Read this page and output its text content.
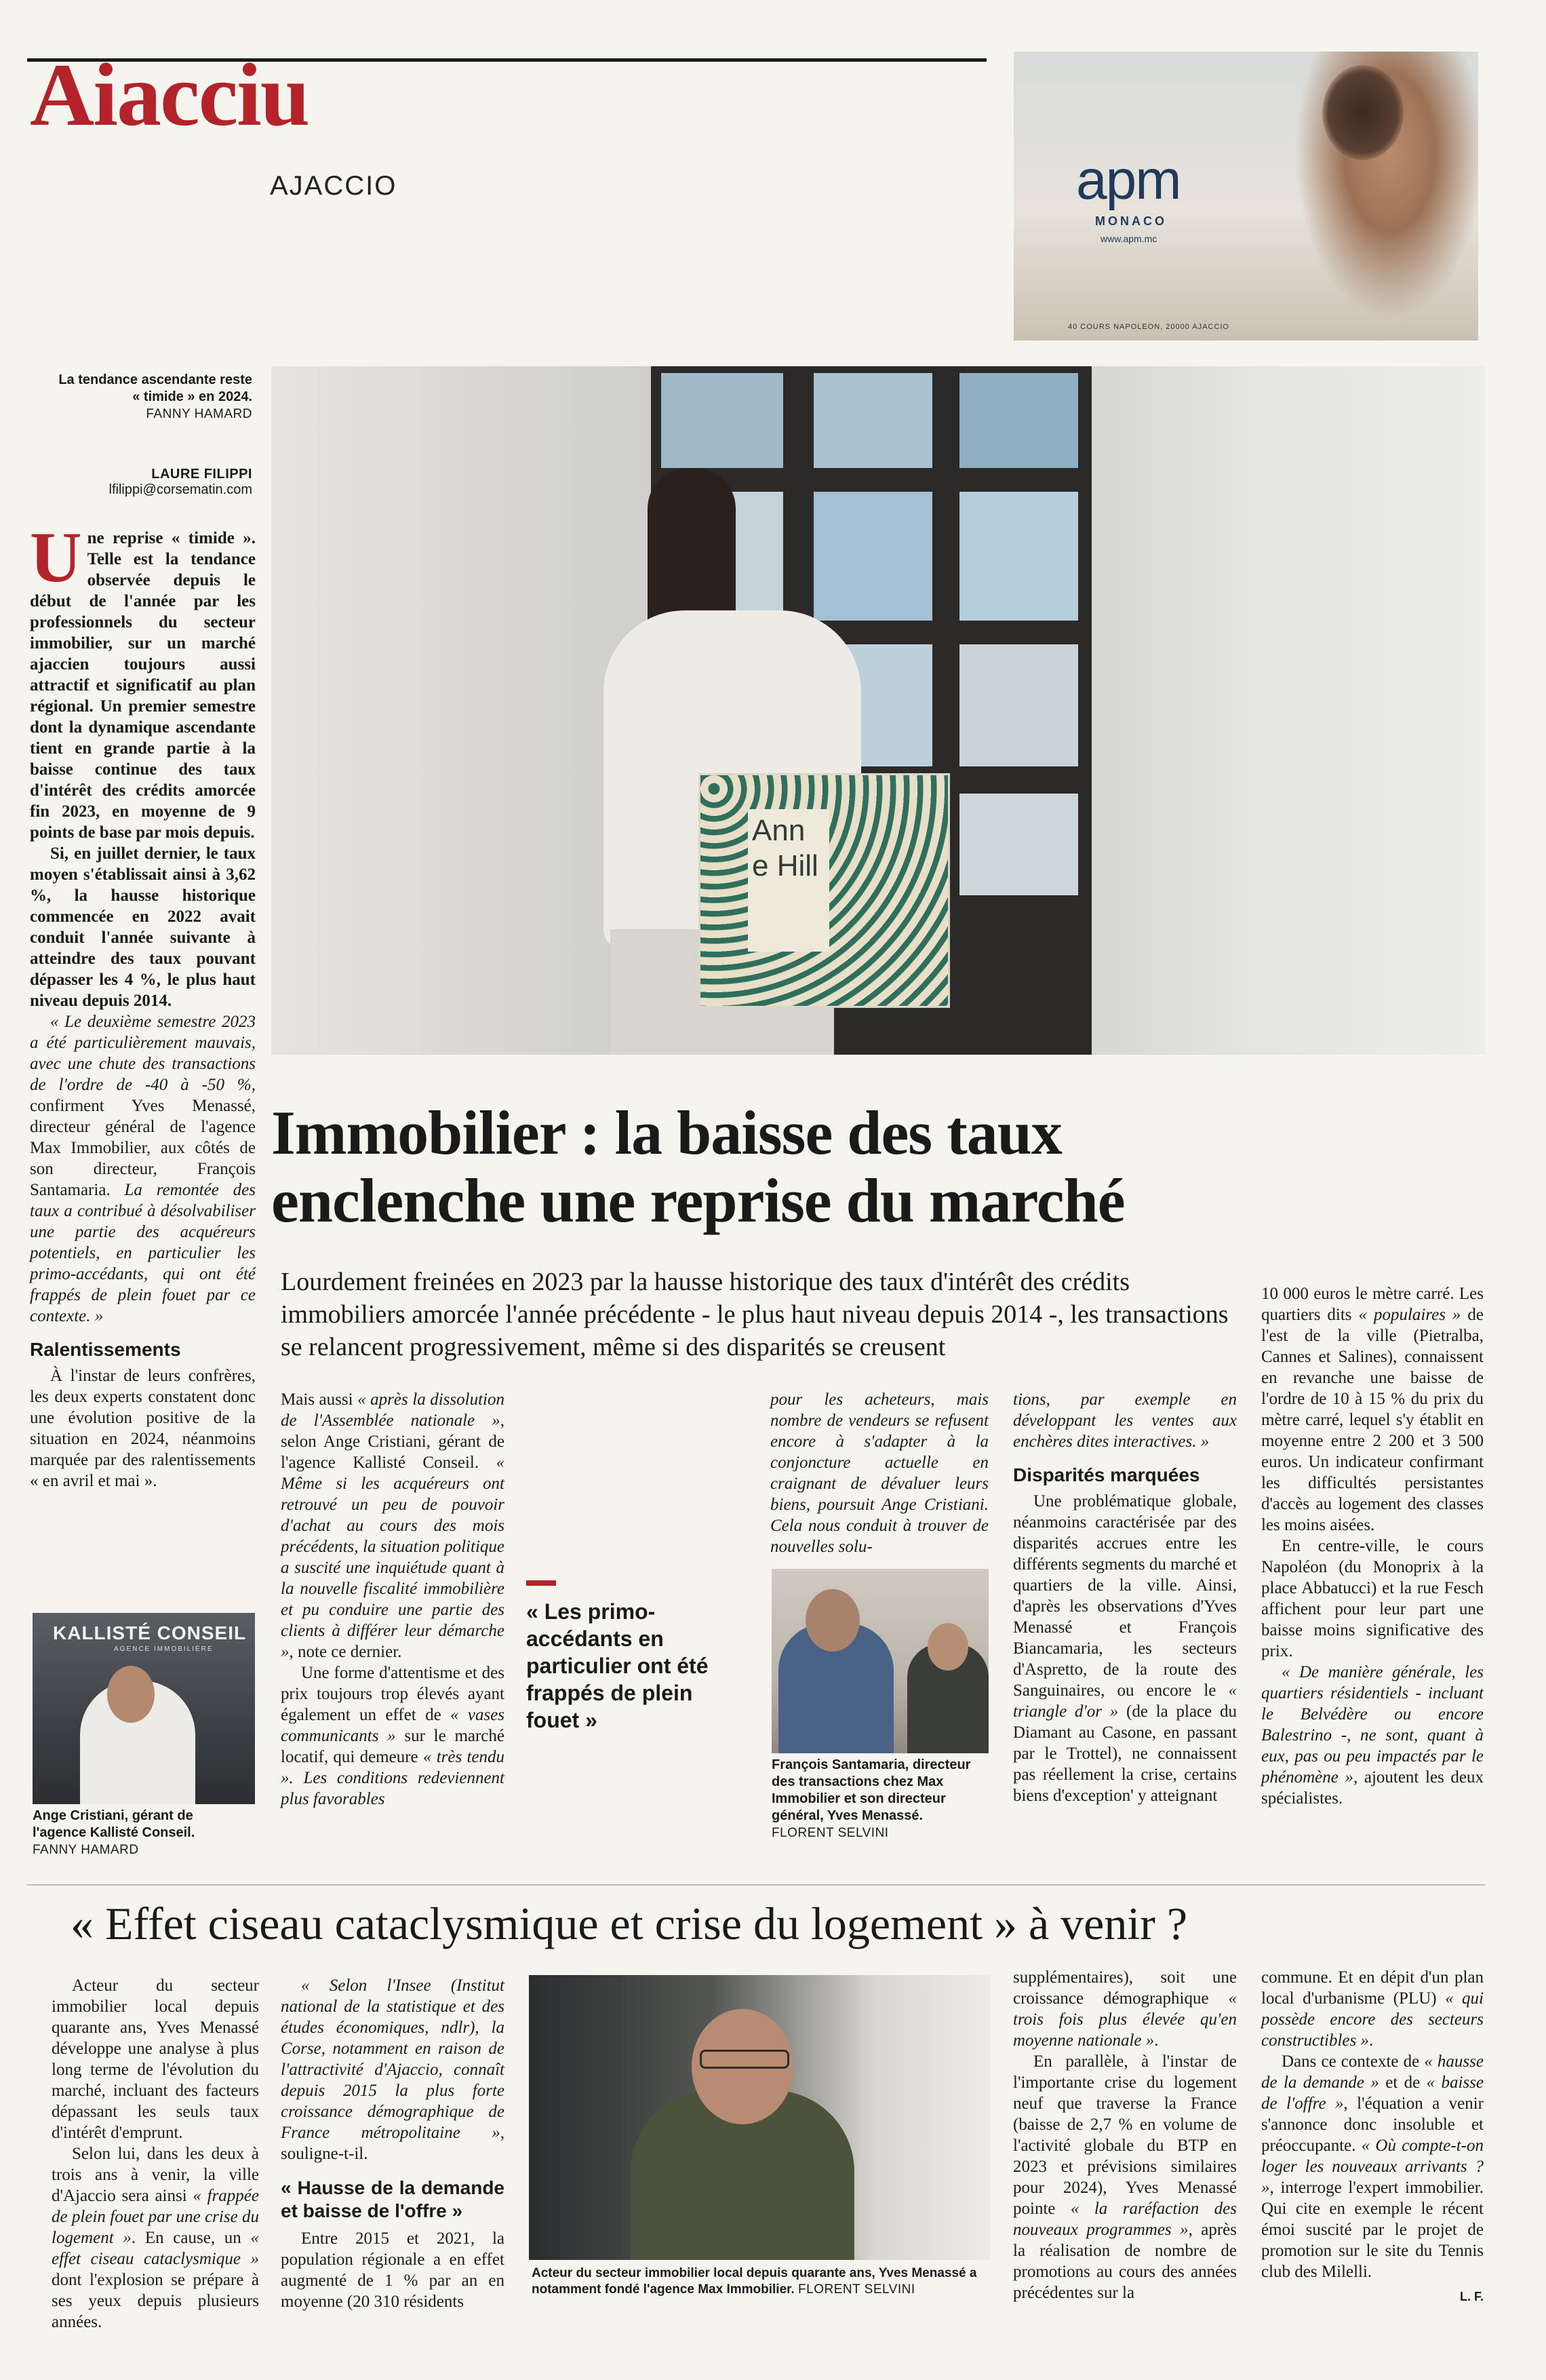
Aiacciu
AJACCIO	apm
MONACO
www.apm.mc
40 COURS NAPOLEON, 20000 AJACCIO
Ann e Hill
La tendance ascendante reste
« timide » en 2024.
FANNY HAMARD
LAURE FILIPPI
lfilippi@corsematin.com

Une reprise « timide ». Telle est la tendance observée depuis le début de l'année par les professionnels du secteur immobilier, sur un marché ajaccien toujours aussi attractif et significatif au plan régional. Un premier semestre dont la dynamique ascendante tient en grande partie à la baisse continue des taux d'intérêt des crédits amorcée fin 2023, en moyenne de 9 points de base par mois depuis.

Si, en juillet dernier, le taux moyen s'établissait ainsi à 3,62 %, la hausse historique commencée en 2022 avait conduit l'année suivante à atteindre des taux pouvant dépasser les 4 %, le plus haut niveau depuis 2014.

« Le deuxième semestre 2023 a été particulièrement mauvais, avec une chute des transactions de l'ordre de -40 à -50 %, confirment Yves Menassé, directeur général de l'agence Max Immobilier, aux côtés de son directeur, François Santamaria. La remontée des taux a contribué à désolvabiliser une partie des acquéreurs potentiels, en particulier les primo-accédants, qui ont été frappés de plein fouet par ce contexte. »

Ralentissements

À l'instar de leurs confrères, les deux experts constatent donc une évolution positive de la situation en 2024, néanmoins marquée par des ralentissements « en avril et mai ».

KALLISTÉ CONSEIL
AGENCE IMMOBILIÈRE
Ange Cristiani, gérant de l'agence Kallisté Conseil.
FANNY HAMARD
Immobilier : la baisse des taux
enclenche une reprise du marché
Lourdement freinées en 2023 par la hausse historique des taux d'intérêt des crédits immobiliers amorcée l'année précédente - le plus haut niveau depuis 2014 -, les transactions se relancent progressivement, même si des disparités se creusent

Mais aussi « après la dissolution de l'Assemblée nationale », selon Ange Cristiani, gérant de l'agence Kallisté Conseil. « Même si les acquéreurs ont retrouvé un peu de pouvoir d'achat au cours des mois précédents, la situation politique a suscité une inquiétude quant à la nouvelle fiscalité immobilière et pu conduire une partie des clients à différer leur démarche », note ce dernier.

Une forme d'attentisme et des prix toujours trop élevés ayant également un effet de « vases communicants » sur le marché locatif, qui demeure « très tendu ». Les conditions redeviennent plus favorables

« Les primo-accédants en particulier ont été frappés de plein fouet »

pour les acheteurs, mais nombre de vendeurs se refusent encore à s'adapter à la conjoncture actuelle en craignant de dévaluer leurs biens, poursuit Ange Cristiani. Cela nous conduit à trouver de nouvelles solu-

François Santamaria, directeur des transactions chez Max Immobilier et son directeur général, Yves Menassé.
FLORENT SELVINI

tions, par exemple en développant les ventes aux enchères dites interactives. »

Disparités marquées

Une problématique globale, néanmoins caractérisée par des disparités accrues entre les différents segments du marché et quartiers de la ville. Ainsi, d'après les observations d'Yves Menassé et François Biancamaria, les secteurs d'Aspretto, de la route des Sanguinaires, ou encore le « triangle d'or » (de la place du Diamant au Casone, en passant par le Trottel), ne connaissent pas réellement la crise, certains biens d'exception' y atteignant

10 000 euros le mètre carré. Les quartiers dits « populaires » de l'est de la ville (Pietralba, Cannes et Salines), connaissent en revanche une baisse de l'ordre de 10 à 15 % du prix du mètre carré, lequel s'y établit en moyenne entre 2 200 et 3 500 euros. Un indicateur confirmant les difficultés persistantes d'accès au logement des classes les moins aisées.

En centre-ville, le cours Napoléon (du Monoprix à la place Abbatucci) et la rue Fesch affichent pour leur part une baisse moins significative des prix.

« De manière générale, les quartiers résidentiels - incluant le Belvédère ou encore Balestrino -, ne sont, quant à eux, pas ou peu impactés par le phénomène », ajoutent les deux spécialistes.

« Effet ciseau cataclysmique et crise du logement » à venir ?

Acteur du secteur immobilier local depuis quarante ans, Yves Menassé développe une analyse à plus long terme de l'évolution du marché, incluant des facteurs dépassant les seuls taux d'intérêt d'emprunt.

Selon lui, dans les deux à trois ans à venir, la ville d'Ajaccio sera ainsi « frappée de plein fouet par une crise du logement ». En cause, un « effet ciseau cataclysmique » dont l'explosion se prépare à ses yeux depuis plusieurs années.

« Selon l'Insee (Institut national de la statistique et des études économiques, ndlr), la Corse, notamment en raison de l'attractivité d'Ajaccio, connaît depuis 2015 la plus forte croissance démographique de France métropolitaine », souligne-t-il.

« Hausse de la demande et baisse de l'offre »

Entre 2015 et 2021, la population régionale a en effet augmenté de 1 % par an en moyenne (20 310 résidents

Acteur du secteur immobilier local depuis quarante ans, Yves Menassé a notamment fondé l'agence Max Immobilier. FLORENT SELVINI

supplémentaires), soit une croissance démographique « trois fois plus élevée qu'en moyenne nationale ».

En parallèle, à l'instar de l'importante crise du logement neuf que traverse la France (baisse de 2,7 % en volume de l'activité globale du BTP en 2023 et prévisions similaires pour 2024), Yves Menassé pointe « la raréfaction des nouveaux programmes », après la réalisation de nombre de promotions au cours des années précédentes sur la

commune. Et en dépit d'un plan local d'urbanisme (PLU) « qui possède encore des secteurs constructibles ».

Dans ce contexte de « hausse de la demande » et de « baisse de l'offre », l'équation a venir s'annonce donc insoluble et préoccupante. « Où compte-t-on loger les nouveaux arrivants ? », interroge l'expert immobilier. Qui cite en exemple le récent émoi suscité par le projet de promotion sur le site du Tennis club des Milelli.

L. F.
